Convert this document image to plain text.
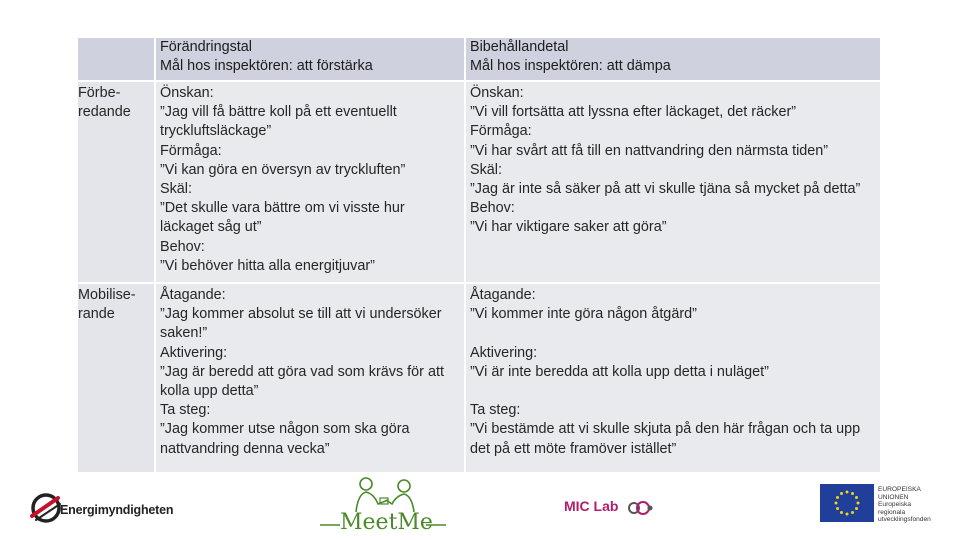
Förändringstal
Mål hos inspektören: att förstärka
Bibehållandetal
Mål hos inspektören: att dämpa
Förbe-
redande
Önskan:
”Jag vill få bättre koll på ett eventuellt tryckluftsläckage”
Förmåga:
”Vi kan göra en översyn av tryckluften”
Skäl:
”Det skulle vara bättre om vi visste hur läckaget såg ut”
Behov:
”Vi behöver hitta alla energitjuvar”
Önskan:
”Vi vill fortsätta att lyssna efter läckaget, det räcker”
Förmåga:
”Vi har svårt att få till en nattvandring den närmsta tiden”
Skäl:
”Jag är inte så säker på att vi skulle tjäna så mycket på detta”
Behov:
”Vi har viktigare saker att göra”
Mobilise-
rande
Åtagande:
”Jag kommer absolut se till att vi undersöker saken!”
Aktivering:
”Jag är beredd att göra vad som krävs för att kolla upp detta”
Ta steg:
”Jag kommer utse någon som ska göra nattvandring denna vecka”
Åtagande:
”Vi kommer inte göra någon åtgärd”

Aktivering:
”Vi är inte beredda att kolla upp detta i nuläget”

Ta steg:
”Vi bestämde att vi skulle skjuta på den här frågan och ta upp det på ett möte framöver istället”
Energimyndigheten	MeetMe
MIC Lab
EUROPEISKA
UNIONEN
Europeiska
regionala
utvecklingsfonden
